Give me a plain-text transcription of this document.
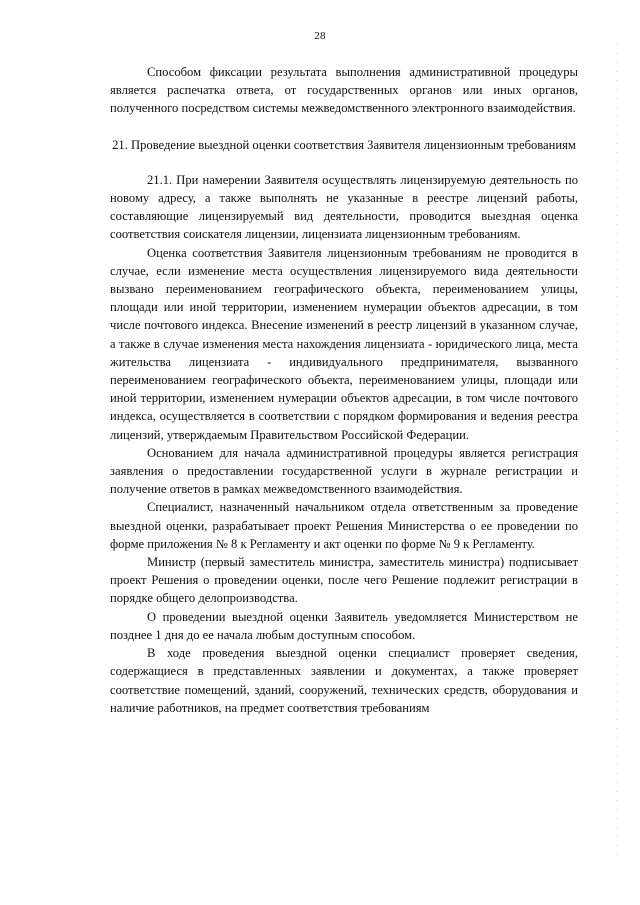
28

Способом фиксации результата выполнения административной процедуры является распечатка ответа, от государственных органов или иных органов, полученного посредством системы межведомственного электронного взаимодействия.

21. Проведение выездной оценки соответствия Заявителя лицензионным требованиям

21.1. При намерении Заявителя осуществлять лицензируемую деятельность по новому адресу, а также выполнять не указанные в реестре лицензий работы, составляющие лицензируемый вид деятельности, проводится выездная оценка соответствия соискателя лицензии, лицензиата лицензионным требованиям.

Оценка соответствия Заявителя лицензионным требованиям не проводится в случае, если изменение места осуществления лицензируемого вида деятельности вызвано переименованием географического объекта, переименованием улицы, площади или иной территории, изменением нумерации объектов адресации, в том числе почтового индекса. Внесение изменений в реестр лицензий в указанном случае, а также в случае изменения места нахождения лицензиата - юридического лица, места жительства лицензиата - индивидуального предпринимателя, вызванного переименованием географического объекта, переименованием улицы, площади или иной территории, изменением нумерации объектов адресации, в том числе почтового индекса, осуществляется в соответствии с порядком формирования и ведения реестра лицензий, утверждаемым Правительством Российской Федерации.

Основанием для начала административной процедуры является регистрация заявления о предоставлении государственной услуги в журнале регистрации и получение ответов в рамках межведомственного взаимодействия.

Специалист, назначенный начальником отдела ответственным за проведение выездной оценки, разрабатывает проект Решения Министерства о ее проведении по форме приложения № 8 к Регламенту и акт оценки по форме № 9 к Регламенту.

Министр (первый заместитель министра, заместитель министра) подписывает проект Решения о проведении оценки, после чего Решение подлежит регистрации в порядке общего делопроизводства.

О проведении выездной оценки Заявитель уведомляется Министерством не позднее 1 дня до ее начала любым доступным способом.

В ходе проведения выездной оценки специалист проверяет сведения, содержащиеся в представленных заявлении и документах, а также проверяет соответствие помещений, зданий, сооружений, технических средств, оборудования и наличие работников, на предмет соответствия требованиям
